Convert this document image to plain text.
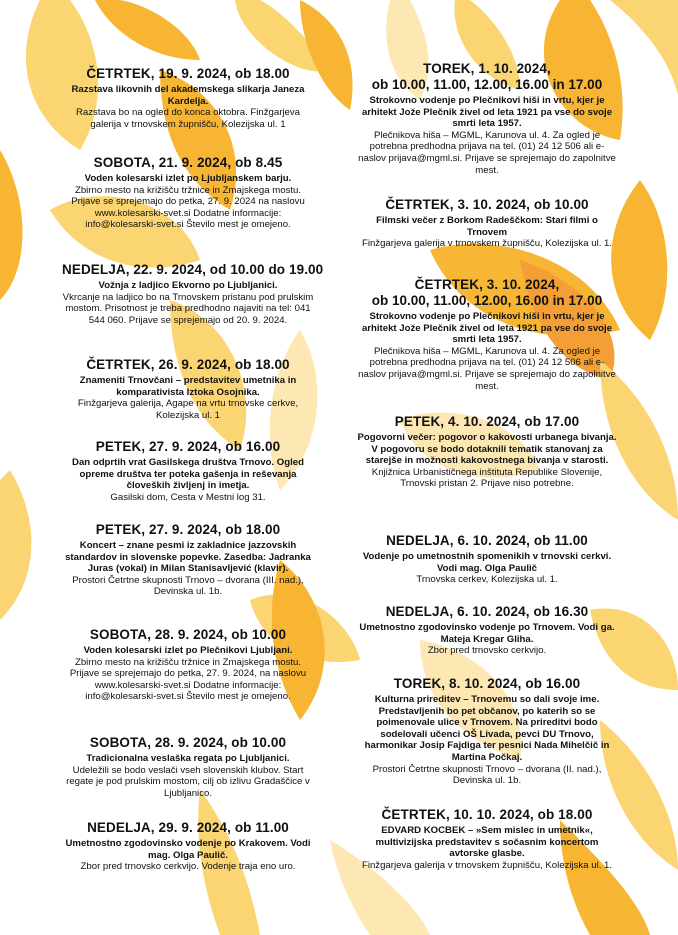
ČETRTEK, 19. 9. 2024, ob 18.00
Razstava likovnih del akademskega slikarja Janeza Kardelja.
Razstava bo na ogled do konca oktobra. Finžgarjeva galerija v trnovskem župnišču, Kolezijska ul. 1
SOBOTA, 21. 9. 2024, ob 8.45
Voden kolesarski izlet po Ljubljanskem barju.
Zbirno mesto na križišču tržnice in Zmajskega mostu. Prijave se sprejemajo do petka, 27. 9. 2024 na naslovu www.kolesarski-svet.si Dodatne informacije: info@kolesarski-svet.si Število mest je omejeno.
NEDELJA, 22. 9. 2024, od 10.00 do 19.00
Vožnja z ladjico Ekvorno po Ljubljanici.
Vkrcanje na ladjico bo na Trnovskem pristanu pod prulskim mostom. Prisotnost je treba predhodno najaviti na tel: 041 544 060. Prijave se sprejemajo od 20. 9. 2024.
ČETRTEK, 26. 9. 2024, ob 18.00
Znameniti Trnovčani – predstavitev umetnika in komparativista Iztoka Osojnika.
Finžgarjeva galerija, Agape na vrtu trnovske cerkve, Kolezijska ul. 1
PETEK, 27. 9. 2024, ob 16.00
Dan odprtih vrat Gasilskega društva Trnovo. Ogled opreme društva ter poteka gašenja in reševanja človeških življenj in imetja.
Gasilski dom, Cesta v Mestni log 31.
PETEK, 27. 9. 2024, ob 18.00
Koncert – znane pesmi iz zakladnice jazzovskih standardov in slovenske popevke. Zasedba: Jadranka Juras (vokal) in Milan Stanisavljević (klavir).
Prostori Četrtne skupnosti Trnovo – dvorana (III. nad.), Devinska ul. 1b.
SOBOTA, 28. 9. 2024, ob 10.00
Voden kolesarski izlet po Plečnikovi Ljubljani.
Zbirno mesto na križišču tržnice in Zmajskega mostu. Prijave se sprejemajo do petka, 27. 9. 2024, na naslovu www.kolesarski-svet.si Dodatne informacije: info@kolesarski-svet.si Število mest je omejeno.
SOBOTA, 28. 9. 2024, ob 10.00
Tradicionalna veslaška regata po Ljubljanici.
Udeležili se bodo veslači vseh slovenskih klubov. Start regate je pod prulskim mostom, cilj ob izlivu Gradaščice v Ljubljanico.
NEDELJA, 29. 9. 2024, ob 11.00
Umetnostno zgodovinsko vodenje po Krakovem. Vodi mag. Olga Paulič.
Zbor pred trnovsko cerkvijo. Vodenje traja eno uro.
TOREK, 1. 10. 2024,
ob 10.00, 11.00, 12.00, 16.00 in 17.00
Strokovno vodenje po Plečnikovi hiši in vrtu, kjer je arhitekt Jože Plečnik živel od leta 1921 pa vse do svoje smrti leta 1957.
Plečnikova hiša – MGML, Karunova ul. 4. Za ogled je potrebna predhodna prijava na tel. (01) 24 12 506 ali e-naslov prijava@mgml.si. Prijave se sprejemajo do zapolnitve mest.
ČETRTEK, 3. 10. 2024, ob 10.00
Filmski večer z Borkom Radeščkom: Stari filmi o Trnovem
Finžgarjeva galerija v trnovskem župnišču, Kolezijska ul. 1.
ČETRTEK, 3. 10. 2024,
ob 10.00, 11.00, 12.00, 16.00 in 17.00
Strokovno vodenje po Plečnikovi hiši in vrtu, kjer je arhitekt Jože Plečnik živel od leta 1921 pa vse do svoje smrti leta 1957.
Plečnikova hiša – MGML, Karunova ul. 4. Za ogled je potrebna predhodna prijava na tel. (01) 24 12 506 ali e-naslov prijava@mgml.si. Prijave se sprejemajo do zapolnitve mest.
PETEK, 4. 10. 2024, ob 17.00
Pogovorni večer: pogovor o kakovosti urbanega bivanja. V pogovoru se bodo dotaknili tematik stanovanj za starejše in možnosti kakovostnega bivanja v starosti.
Knjižnica Urbanističnega inštituta Republike Slovenije, Trnovski pristan 2. Prijave niso potrebne.
NEDELJA, 6. 10. 2024, ob 11.00
Vodenje po umetnostnih spomenikih v trnovski cerkvi. Vodi mag. Olga Paulič
Trnovska cerkev, Kolezijska ul. 1.
NEDELJA, 6. 10. 2024, ob 16.30
Umetnostno zgodovinsko vodenje po Trnovem. Vodi ga. Mateja Kregar Gliha.
Zbor pred trnovsko cerkvijo.
TOREK, 8. 10. 2024, ob 16.00
Kulturna prireditev – Trnovemu so dali svoje ime. Predstavljenih bo pet občanov, po katerih so se poimenovale ulice v Trnovem. Na prireditvi bodo sodelovali učenci OŠ Livada, pevci DU Trnovo, harmonikar Josip Fajdiga ter pesnici Nada Mihelčič in Martina Počkaj.
Prostori Četrtne skupnosti Trnovo – dvorana (II. nad.), Devinska ul. 1b.
ČETRTEK, 10. 10. 2024, ob 18.00
EDVARD KOCBEK – »Sem mislec in umetnik«, multivizijska predstavitev s sočasnim koncertom avtorske glasbe.
Finžgarjeva galerija v trnovskem župnišču, Kolezijska ul. 1.
